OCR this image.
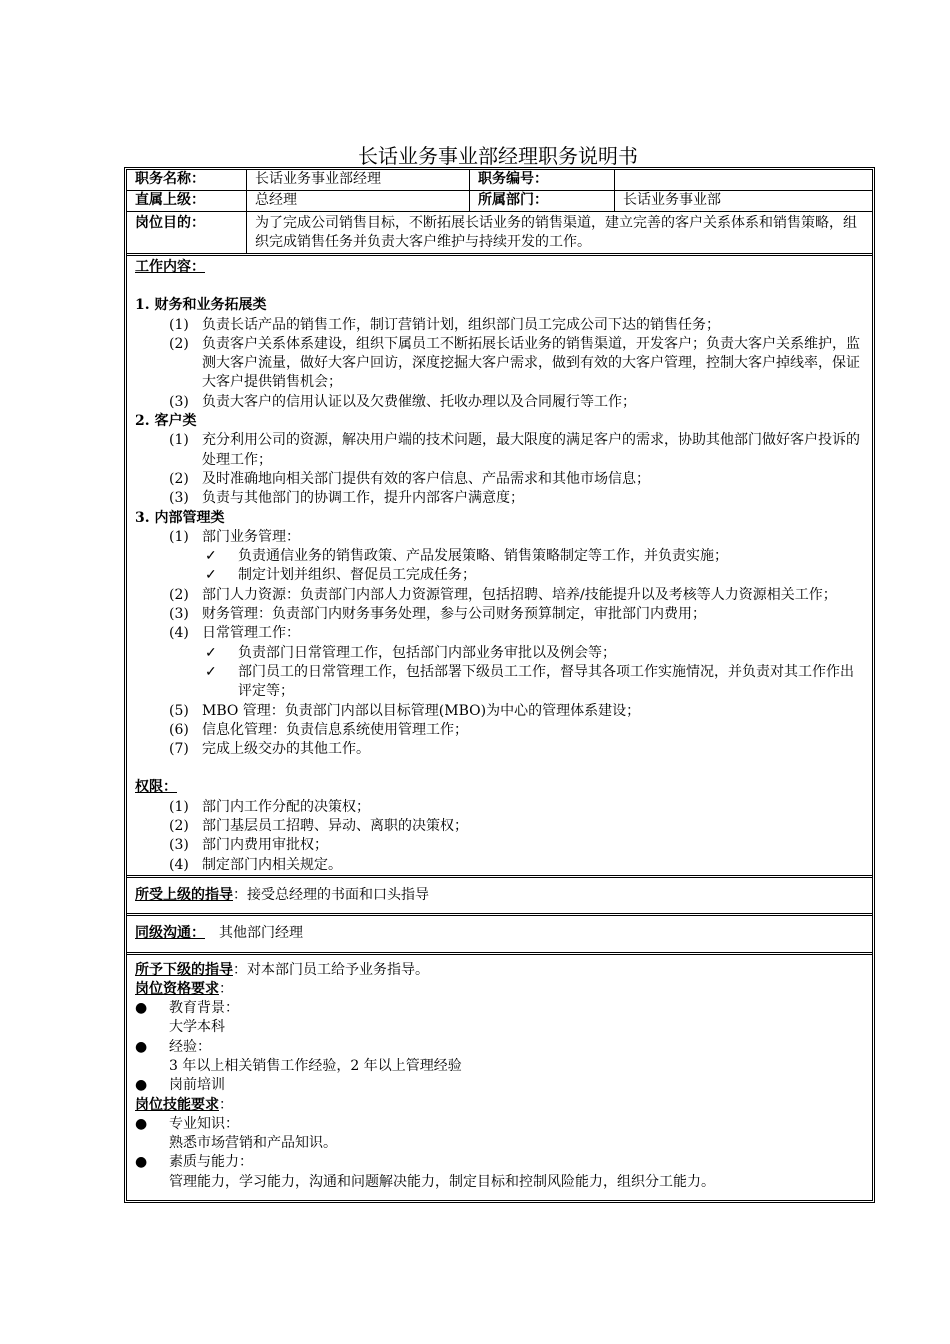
长话业务事业部经理职务说明书
职务名称：	长话业务事业部经理	职务编号：
直属上级：	总经理	所属部门：	长话业务事业部
岗位目的：	为了完成公司销售目标，不断拓展长话业务的销售渠道，建立完善的客户关系体系和销售策略，组织完成销售任务并负责大客户维护与持续开发的工作。
工作内容：
1. 财务和业务拓展类
(1) 负责长话产品的销售工作，制订营销计划，组织部门员工完成公司下达的销售任务；
(2) 负责客户关系体系建设，组织下属员工不断拓展长话业务的销售渠道，开发客户；负责大客户关系维护，监测大客户流量，做好大客户回访，深度挖掘大客户需求，做到有效的大客户管理，控制大客户掉线率，保证大客户提供销售机会；
(3) 负责大客户的信用认证以及欠费催缴、托收办理以及合同履行等工作；
2. 客户类
(1) 充分利用公司的资源，解决用户端的技术问题，最大限度的满足客户的需求，协助其他部门做好客户投诉的处理工作；
(2) 及时准确地向相关部门提供有效的客户信息、产品需求和其他市场信息；
(3) 负责与其他部门的协调工作，提升内部客户满意度；
3. 内部管理类
(1) 部门业务管理：
✓	负责通信业务的销售政策、产品发展策略、销售策略制定等工作，并负责实施；
✓	制定计划并组织、督促员工完成任务；
(2) 部门人力资源：负责部门内部人力资源管理，包括招聘、培养/技能提升以及考核等人力资源相关工作；
(3) 财务管理：负责部门内财务事务处理，参与公司财务预算制定，审批部门内费用；
(4) 日常管理工作：
✓	负责部门日常管理工作，包括部门内部业务审批以及例会等；
✓	部门员工的日常管理工作，包括部署下级员工工作，督导其各项工作实施情况，并负责对其工作作出评定等；
(5) MBO 管理：负责部门内部以目标管理(MBO)为中心的管理体系建设；
(6) 信息化管理：负责信息系统使用管理工作；
(7) 完成上级交办的其他工作。
权限：
(1) 部门内工作分配的决策权；
(2) 部门基层员工招聘、异动、离职的决策权；
(3) 部门内费用审批权；
(4) 制定部门内相关规定。
所受上级的指导：接受总经理的书面和口头指导
同级沟通： 其他部门经理
所予下级的指导：对本部门员工给予业务指导。
岗位资格要求：
●	教育背景：
大学本科
●	经验：
3 年以上相关销售工作经验，2 年以上管理经验
●	岗前培训
岗位技能要求：
●	专业知识：
熟悉市场营销和产品知识。
●	素质与能力：
管理能力，学习能力，沟通和问题解决能力，制定目标和控制风险能力，组织分工能力。
